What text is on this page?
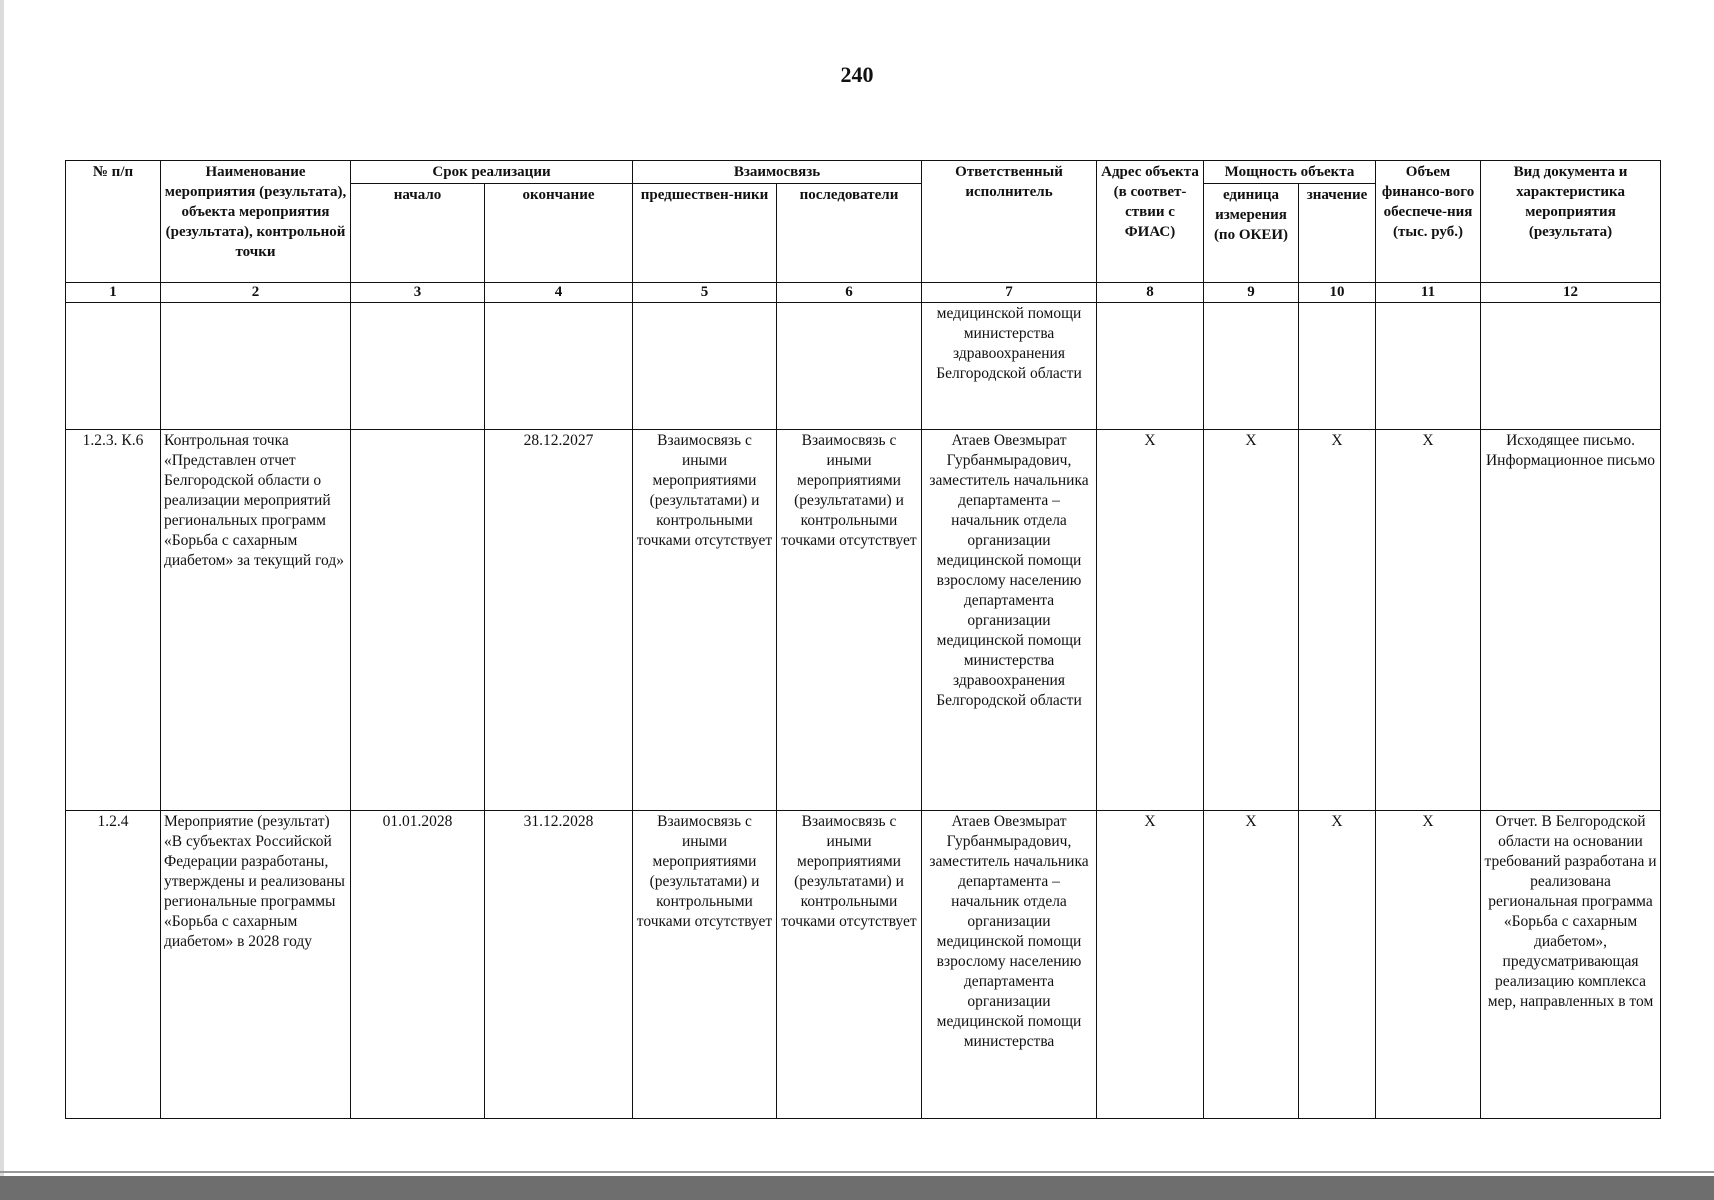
240
№ п/п	Наименование мероприятия (результата), объекта мероприятия (результата), контрольной точки	Срок реализации		Взаимосвязь		Ответственный исполнитель	Адрес объекта (в соответ-ствии с ФИАС)	Мощность объекта		Объем финансо-вого обеспече-ния (тыс. руб.)	Вид документа и характеристика мероприятия (результата)
		начало	окончание	предшествен-ники	последователи			единица измерения (по ОКЕИ)	значение		
1	2	3	4	5	6	7	8	9	10	11	12
						медицинской помощи министерства здравоохранения Белгородской области					
1.2.3. К.6	Контрольная точка «Представлен отчет Белгородской области о реализации мероприятий региональных программ «Борьба с сахарным диабетом» за текущий год»		28.12.2027	Взаимосвязь с иными мероприятиями (результатами) и контрольными точками отсутствует	Взаимосвязь с иными мероприятиями (результатами) и контрольными точками отсутствует	Атаев Овезмырат Гурбанмырадович, заместитель начальника департамента – начальник отдела организации медицинской помощи взрослому населению департамента организации медицинской помощи министерства здравоохранения Белгородской области	X	X	X	X	Исходящее письмо. Информационное письмо
1.2.4	Мероприятие (результат) «В субъектах Российской Федерации разработаны, утверждены и реализованы региональные программы «Борьба с сахарным диабетом» в 2028 году	01.01.2028	31.12.2028	Взаимосвязь с иными мероприятиями (результатами) и контрольными точками отсутствует	Взаимосвязь с иными мероприятиями (результатами) и контрольными точками отсутствует	Атаев Овезмырат Гурбанмырадович, заместитель начальника департамента – начальник отдела организации медицинской помощи взрослому населению департамента организации медицинской помощи министерства	X	X	X	X	Отчет. В Белгородской области на основании требований разработана и реализована региональная программа «Борьба с сахарным диабетом», предусматривающая реализацию комплекса мер, направленных в том
